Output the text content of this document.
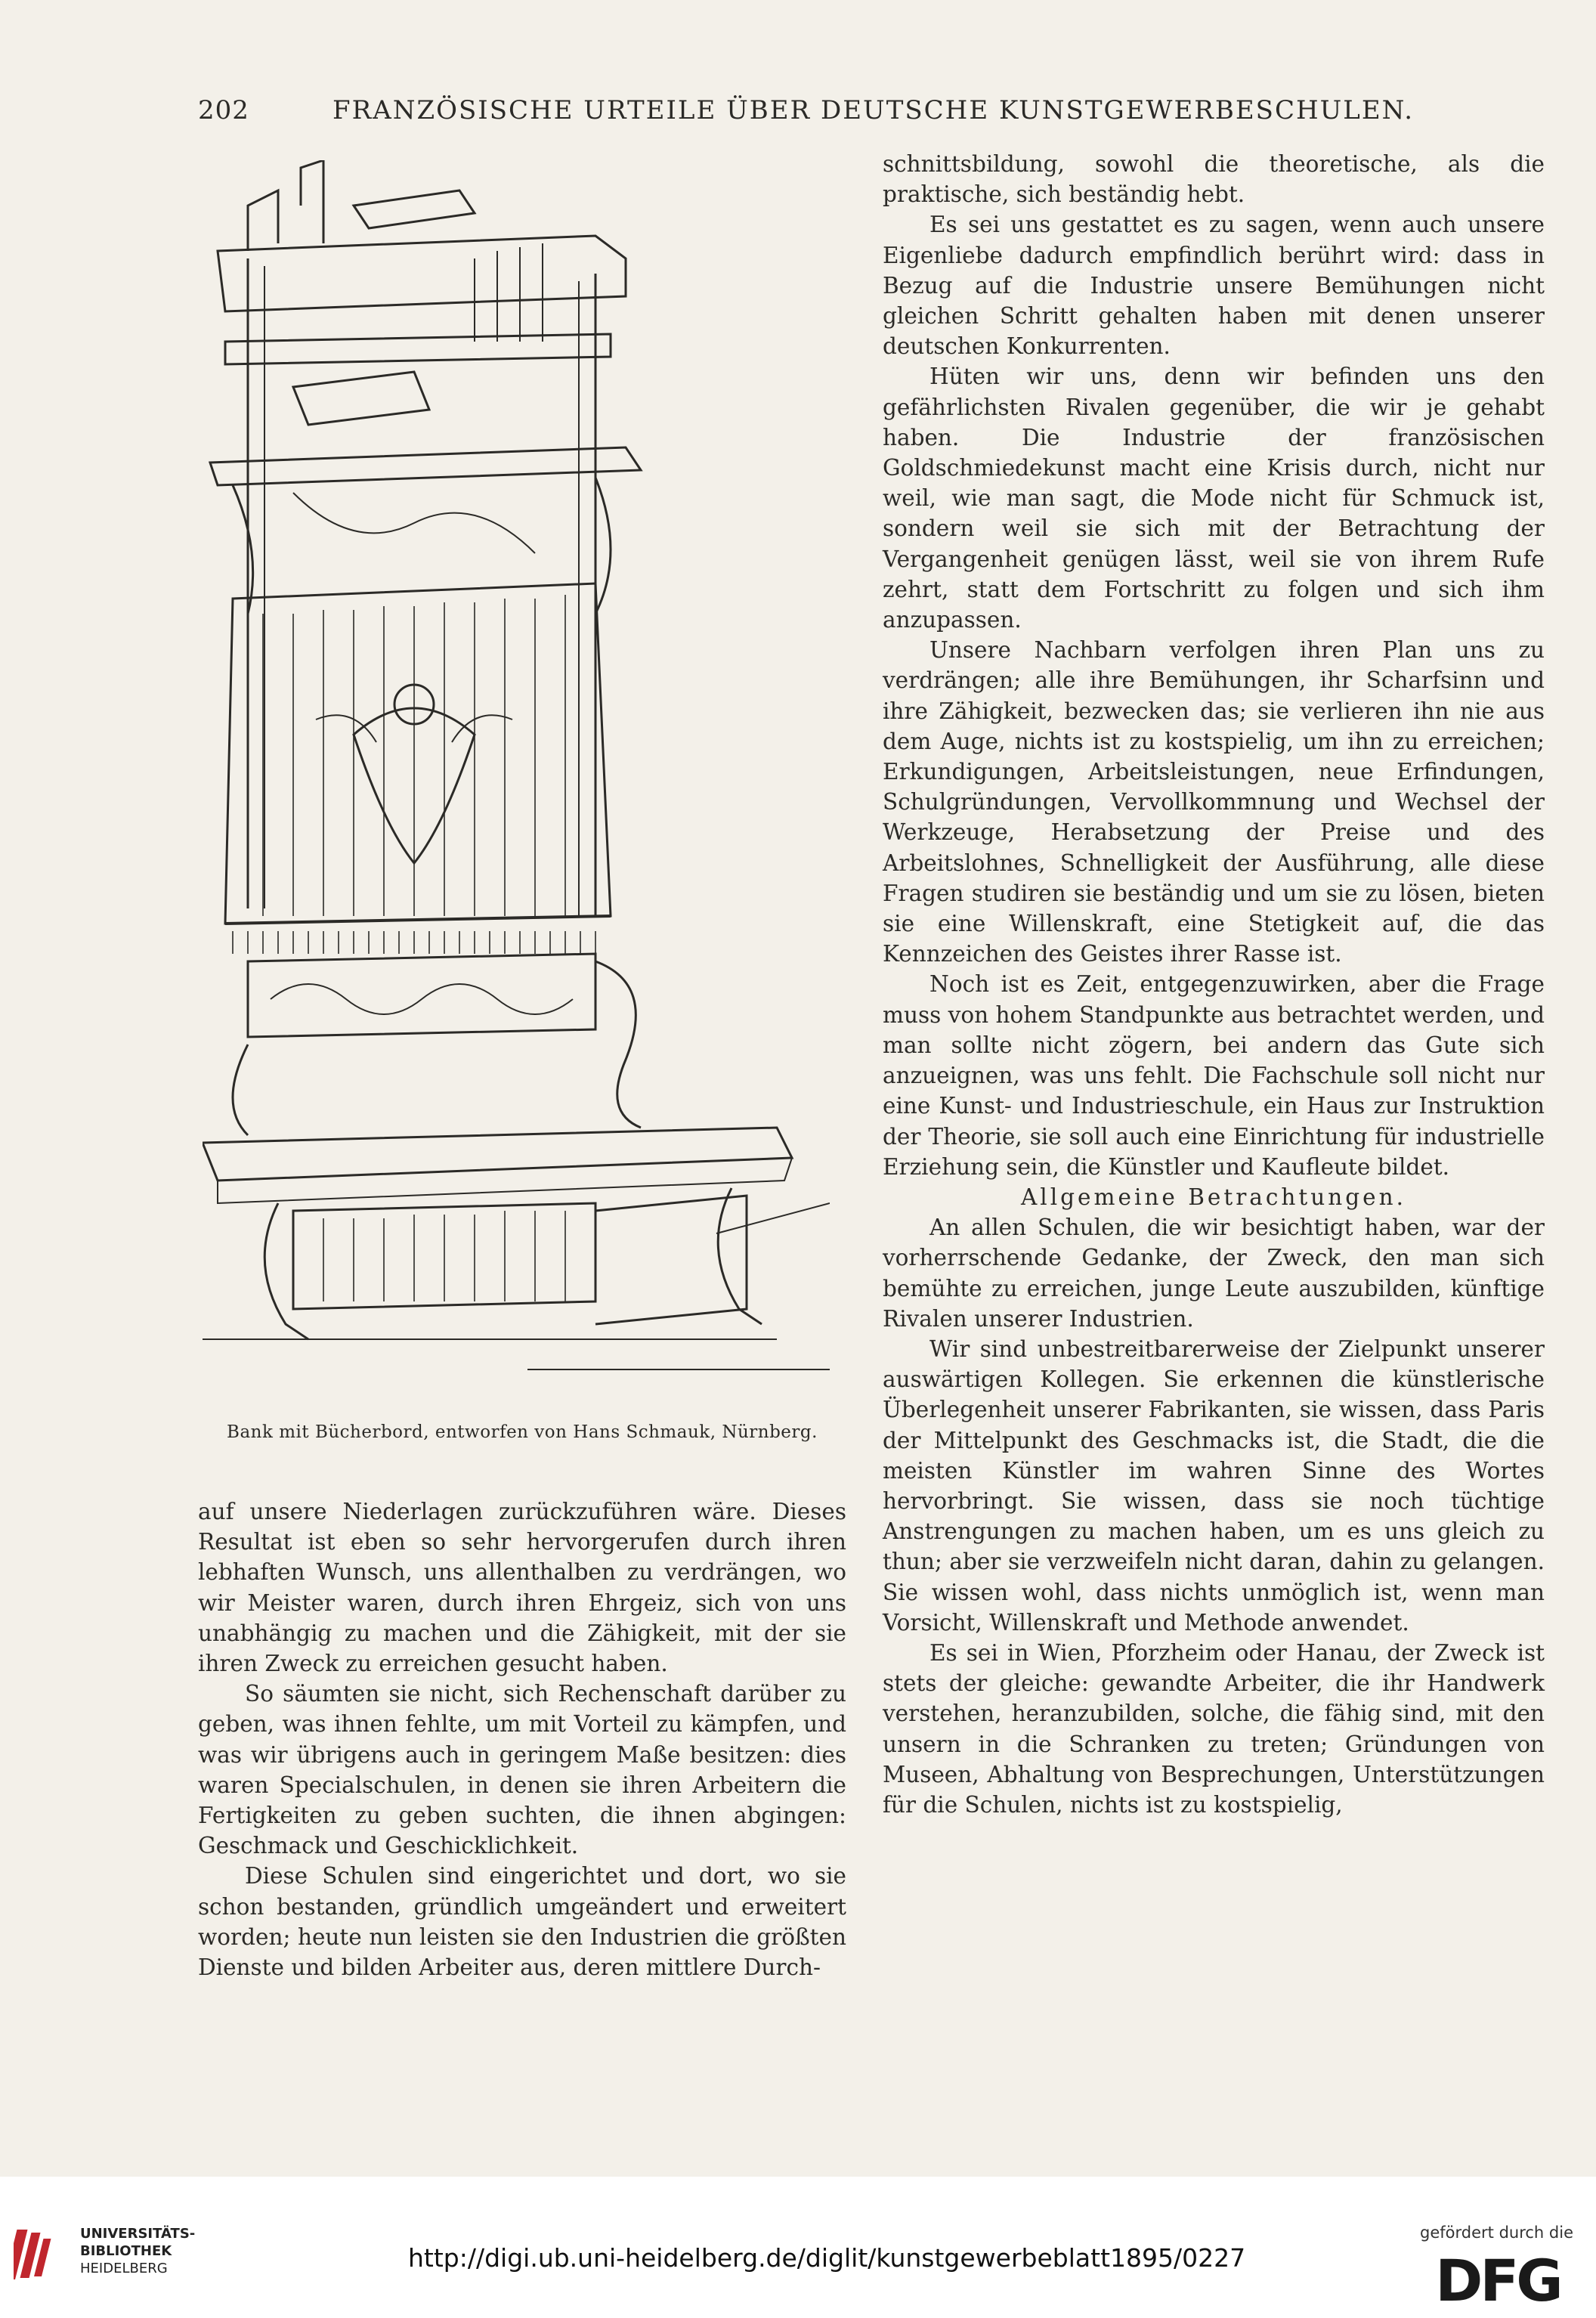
202	FRANZÖSISCHE URTEILE ÜBER DEUTSCHE KUNSTGEWERBESCHULEN.
Bank mit Bücherbord, entworfen von Hans Schmauk, Nürnberg.

auf unsere Niederlagen zurückzuführen wäre. Dieses Resultat ist eben so sehr hervorgerufen durch ihren lebhaften Wunsch, uns allenthalben zu verdrängen, wo wir Meister waren, durch ihren Ehrgeiz, sich von uns unabhängig zu machen und die Zähigkeit, mit der sie ihren Zweck zu erreichen gesucht haben.

So säumten sie nicht, sich Rechenschaft darüber zu geben, was ihnen fehlte, um mit Vorteil zu kämpfen, und was wir übrigens auch in geringem Maße besitzen: dies waren Specialschulen, in denen sie ihren Arbeitern die Fertigkeiten zu geben suchten, die ihnen abgingen: Geschmack und Geschicklichkeit.

Diese Schulen sind eingerichtet und dort, wo sie schon bestanden, gründlich umgeändert und erweitert worden; heute nun leisten sie den Industrien die größten Dienste und bilden Arbeiter aus, deren mittlere Durch-

schnittsbildung, sowohl die theoretische, als die praktische, sich beständig hebt.

Es sei uns gestattet es zu sagen, wenn auch unsere Eigenliebe dadurch empfindlich berührt wird: dass in Bezug auf die Industrie unsere Bemühungen nicht gleichen Schritt gehalten haben mit denen unserer deutschen Konkurrenten.

Hüten wir uns, denn wir befinden uns den gefährlichsten Rivalen gegenüber, die wir je gehabt haben. Die Industrie der französischen Goldschmiedekunst macht eine Krisis durch, nicht nur weil, wie man sagt, die Mode nicht für Schmuck ist, sondern weil sie sich mit der Betrachtung der Vergangenheit genügen lässt, weil sie von ihrem Rufe zehrt, statt dem Fortschritt zu folgen und sich ihm anzupassen.

Unsere Nachbarn verfolgen ihren Plan uns zu verdrängen; alle ihre Bemühungen, ihr Scharfsinn und ihre Zähigkeit, bezwecken das; sie verlieren ihn nie aus dem Auge, nichts ist zu kostspielig, um ihn zu erreichen; Erkundigungen, Arbeitsleistungen, neue Erfindungen, Schulgründungen, Vervollkommnung und Wechsel der Werkzeuge, Herabsetzung der Preise und des Arbeitslohnes, Schnelligkeit der Ausführung, alle diese Fragen studiren sie beständig und um sie zu lösen, bieten sie eine Willenskraft, eine Stetigkeit auf, die das Kennzeichen des Geistes ihrer Rasse ist.

Noch ist es Zeit, entgegenzuwirken, aber die Frage muss von hohem Standpunkte aus betrachtet werden, und man sollte nicht zögern, bei andern das Gute sich anzueignen, was uns fehlt. Die Fachschule soll nicht nur eine Kunst- und Industrieschule, ein Haus zur Instruktion der Theorie, sie soll auch eine Einrichtung für industrielle Erziehung sein, die Künstler und Kaufleute bildet.

Allgemeine Betrachtungen.

An allen Schulen, die wir besichtigt haben, war der vorherrschende Gedanke, der Zweck, den man sich bemühte zu erreichen, junge Leute auszubilden, künftige Rivalen unserer Industrien.

Wir sind unbestreitbarerweise der Zielpunkt unserer auswärtigen Kollegen. Sie erkennen die künstlerische Überlegenheit unserer Fabrikanten, sie wissen, dass Paris der Mittelpunkt des Geschmacks ist, die Stadt, die die meisten Künstler im wahren Sinne des Wortes hervorbringt. Sie wissen, dass sie noch tüchtige Anstrengungen zu machen haben, um es uns gleich zu thun; aber sie verzweifeln nicht daran, dahin zu gelangen. Sie wissen wohl, dass nichts unmöglich ist, wenn man Vorsicht, Willenskraft und Methode anwendet.

Es sei in Wien, Pforzheim oder Hanau, der Zweck ist stets der gleiche: gewandte Arbeiter, die ihr Handwerk verstehen, heranzubilden, solche, die fähig sind, mit den unsern in die Schranken zu treten; Gründungen von Museen, Abhaltung von Besprechungen, Unterstützungen für die Schulen, nichts ist zu kostspielig,

UNIVERSITÄTS-
BIBLIOTHEK
HEIDELBERG	http://digi.ub.uni-heidelberg.de/diglit/kunstgewerbeblatt1895/0227
gefördert durch die
DFG
